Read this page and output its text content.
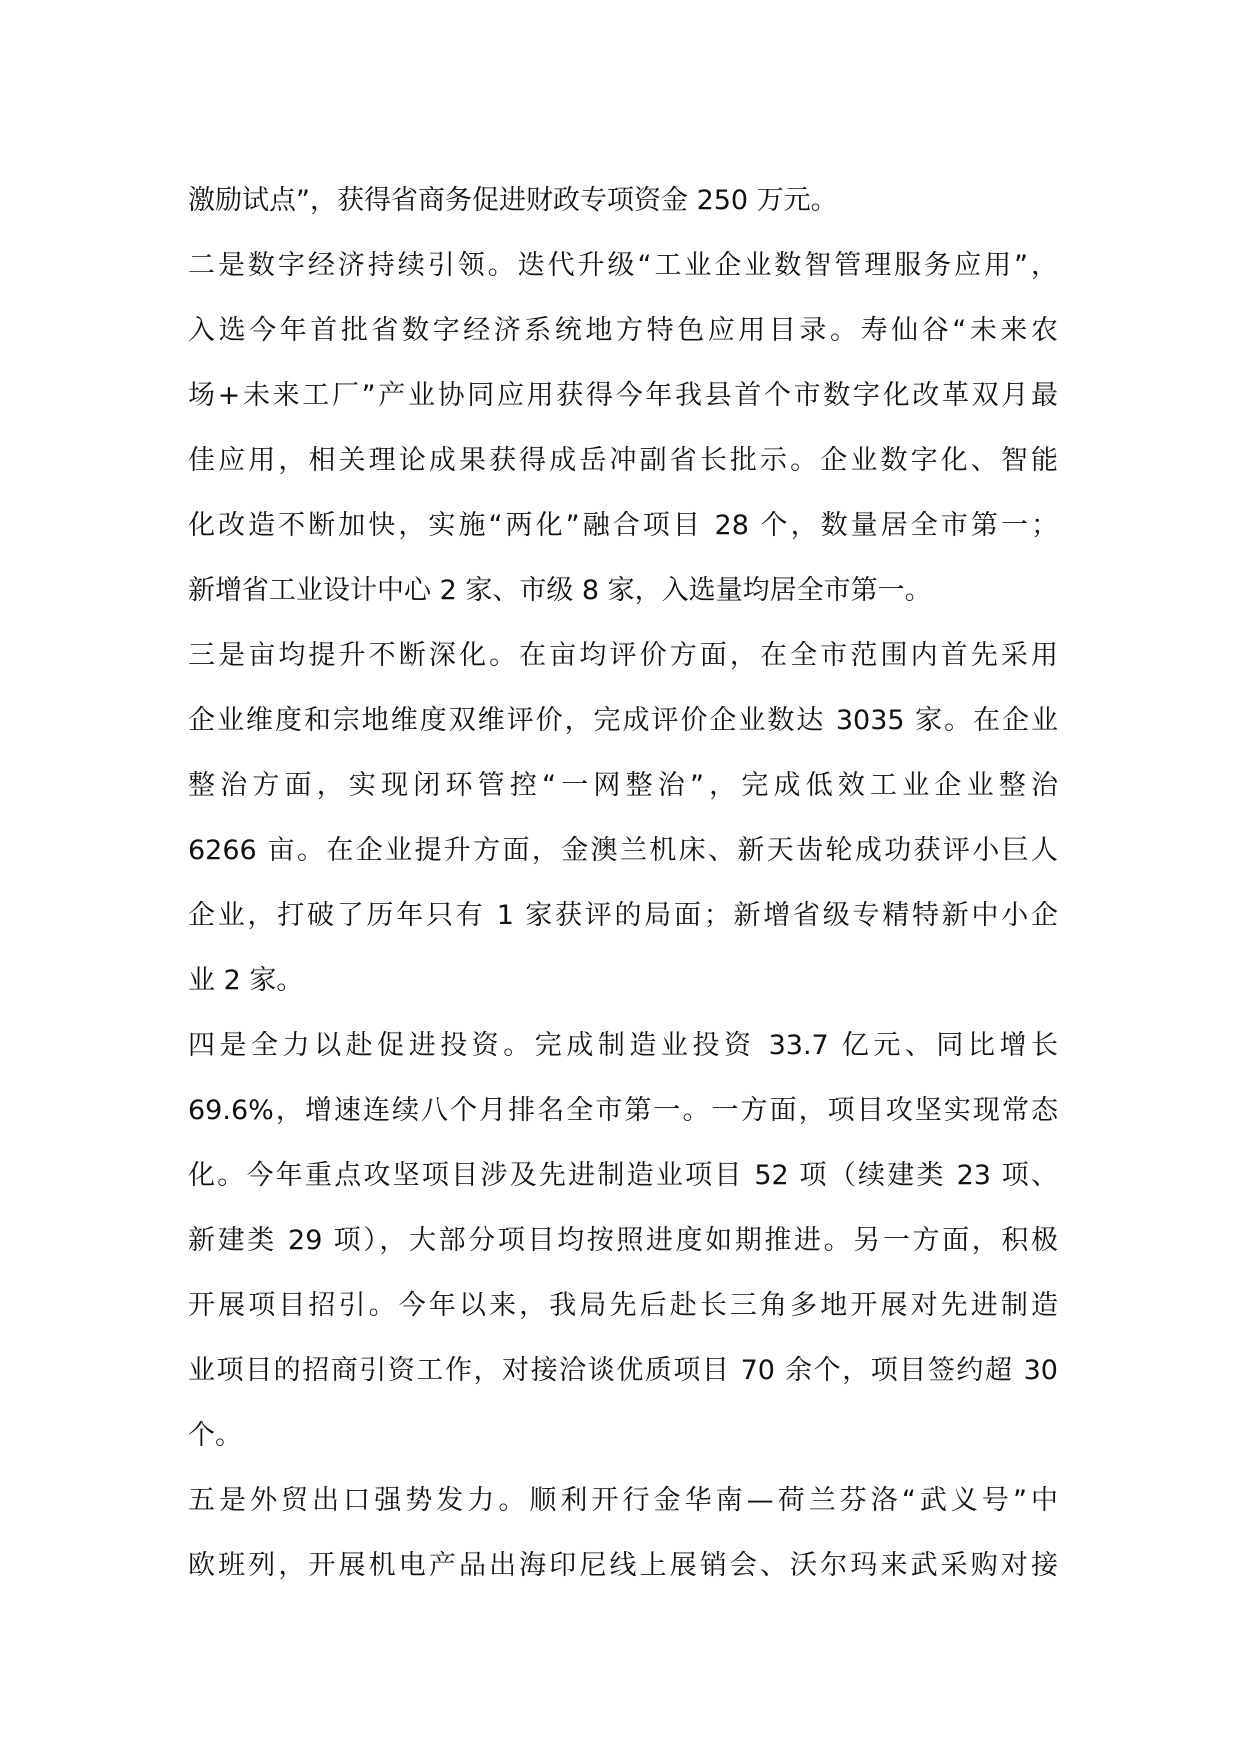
激励试点”，获得省商务促进财政专项资金 250 万元。
二是数字经济持续引领。迭代升级“工业企业数智管理服务应用”，
入选今年首批省数字经济系统地方特色应用目录。寿仙谷“未来农
场+未来工厂”产业协同应用获得今年我县首个市数字化改革双月最
佳应用，相关理论成果获得成岳冲副省长批示。企业数字化、智能
化改造不断加快，实施“两化”融合项目 28 个，数量居全市第一；
新增省工业设计中心 2 家、市级 8 家，入选量均居全市第一。
三是亩均提升不断深化。在亩均评价方面，在全市范围内首先采用
企业维度和宗地维度双维评价，完成评价企业数达 3035 家。在企业
整治方面，实现闭环管控“一网整治”，完成低效工业企业整治
6266 亩。在企业提升方面，金澳兰机床、新天齿轮成功获评小巨人
企业，打破了历年只有 1 家获评的局面；新增省级专精特新中小企
业 2 家。
四是全力以赴促进投资。完成制造业投资 33.7 亿元、同比增长
69.6%，增速连续八个月排名全市第一。一方面，项目攻坚实现常态
化。今年重点攻坚项目涉及先进制造业项目 52 项（续建类 23 项、
新建类 29 项），大部分项目均按照进度如期推进。另一方面，积极
开展项目招引。今年以来，我局先后赴长三角多地开展对先进制造
业项目的招商引资工作，对接洽谈优质项目 70 余个，项目签约超 30
个。
五是外贸出口强势发力。顺利开行金华南—荷兰芬洛“武义号”中
欧班列，开展机电产品出海印尼线上展销会、沃尔玛来武采购对接
